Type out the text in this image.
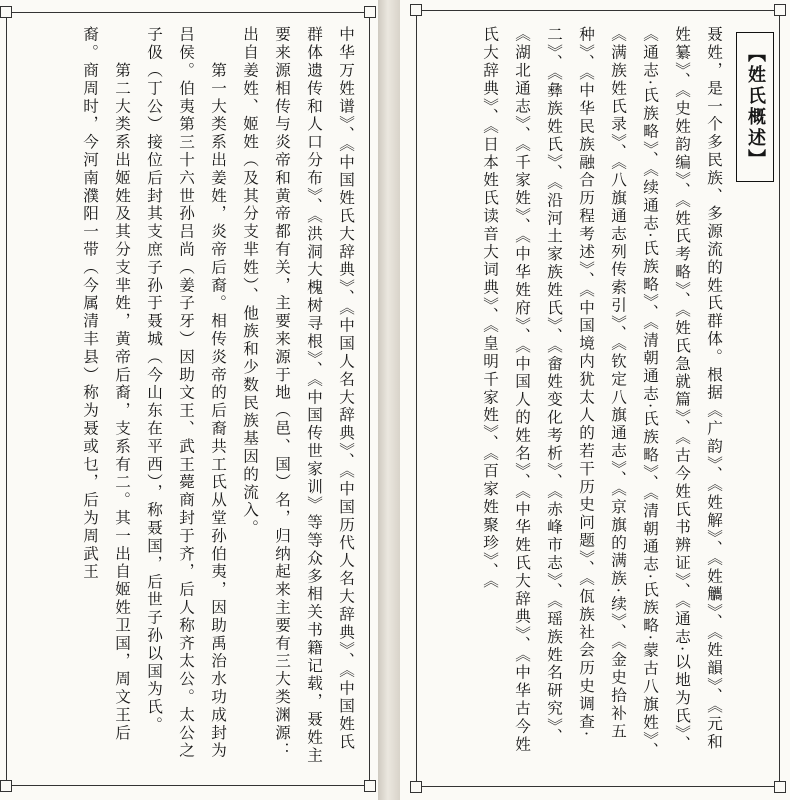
中华万姓谱》、《中国姓氏大辞典》、《中国人名大辞典》、《中国历代人名大辞典》、《中国姓氏群体遗传和人口分布》、《洪洞大槐树寻根》、《中国传世家训》等等众多相关书籍记载，聂姓主要来源相传与炎帝和黄帝都有关，主要来源于地（邑、国）名，归纳起来主要有三大类渊源：出自姜姓、姬姓（及其分支芈姓）、他族和少数民族基因的流入。
　　第一大类系出姜姓，炎帝后裔。相传炎帝的后裔共工氏从堂孙伯夷，因助禹治水功成封为吕侯。伯夷第三十六世孙吕尚（姜子牙）因助文王、武王薨商封于齐，后人称齐太公。太公之子伋（丁公）接位后封其支庶子孙于聂城（今山东在平西），称聂国，后世子孙以国为氏。
　　第二大类系出姬姓及其分支芈姓，黄帝后裔，支系有二。其一出自姬姓卫国，周文王后裔。商周时，今河南濮阳一带（今属清丰县）称为聂或乜，后为周武王	【姓氏概述】
聂姓，是一个多民族、多源流的姓氏群体。根据《广韵》、《姓解》、《姓觿》、《姓韻》、《元和姓纂》、《史姓韵编》、《姓氏考略》、《姓氏急就篇》、《古今姓氏书辨证》、《通志·以地为氏》、《通志·氏族略》、《续通志·氏族略》、《清朝通志·氏族略》、《清朝通志·氏族略·蒙古八旗姓》、《满族姓氏录》、《八旗通志列传索引》、《钦定八旗通志》、《京旗的满族·续》、《金史拾补五种》、《中华民族融合历程考述》、《中国境内犹太人的若干历史问题》、《佤族社会历史调查·二》、《彝族姓氏》、《沿河土家族姓氏》、《畲姓变化考析》、《赤峰市志》、《瑶族姓名研究》、《湖北通志》、《千家姓》、《中华姓府》、《中国人的姓名》、《中华姓氏大辞典》、《中华古今姓氏大辞典》、《日本姓氏读音大词典》、《皇明千家姓》、《百家姓聚珍》、《
